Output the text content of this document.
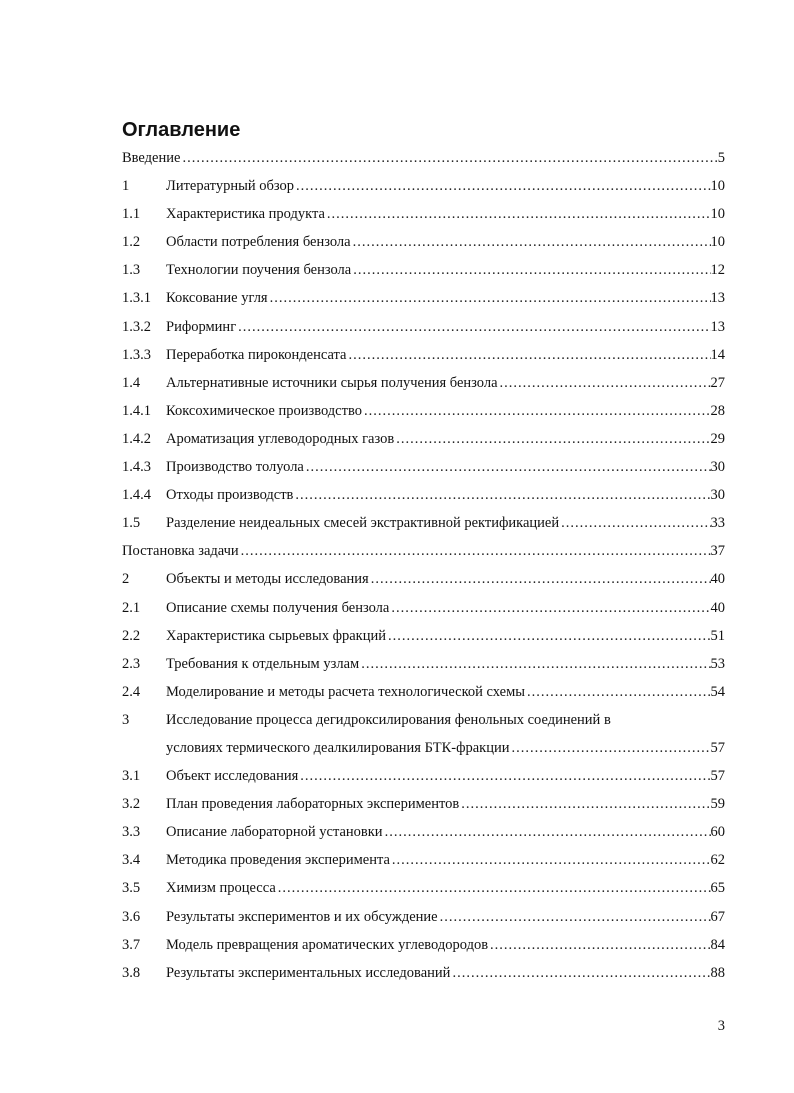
Оглавление
Введение .....	5
1	Литературный обзор .....	10
1.1	Характеристика продукта .....	10
1.2	Области потребления бензола .....	10
1.3	Технологии поучения бензола .....	12
1.3.1	Коксование угля .....	13
1.3.2	Риформинг .....	13
1.3.3	Переработка пироконденсата .....	14
1.4	Альтернативные источники сырья получения бензола .....	27
1.4.1	Коксохимическое производство .....	28
1.4.2	Ароматизация углеводородных газов .....	29
1.4.3	Производство толуола .....	30
1.4.4	Отходы производств .....	30
1.5	Разделение неидеальных смесей экстрактивной ректификацией .....	33
Постановка задачи .....	37
2	Объекты и методы исследования .....	40
2.1	Описание схемы получения бензола .....	40
2.2	Характеристика сырьевых фракций .....	51
2.3	Требования к отдельным узлам .....	53
2.4	Моделирование и методы расчета технологической схемы .....	54
3	Исследование процесса дегидроксилирования фенольных соединений в
условиях термического деалкилирования БТК-фракции .....	57
3.1	Объект исследования .....	57
3.2	План проведения лабораторных экспериментов .....	59
3.3	Описание лабораторной установки .....	60
3.4	Методика проведения эксперимента .....	62
3.5	Химизм процесса .....	65
3.6	Результаты экспериментов и их обсуждение .....	67
3.7	Модель превращения ароматических углеводородов .....	84
3.8	Результаты экспериментальных исследований .....	88
3
